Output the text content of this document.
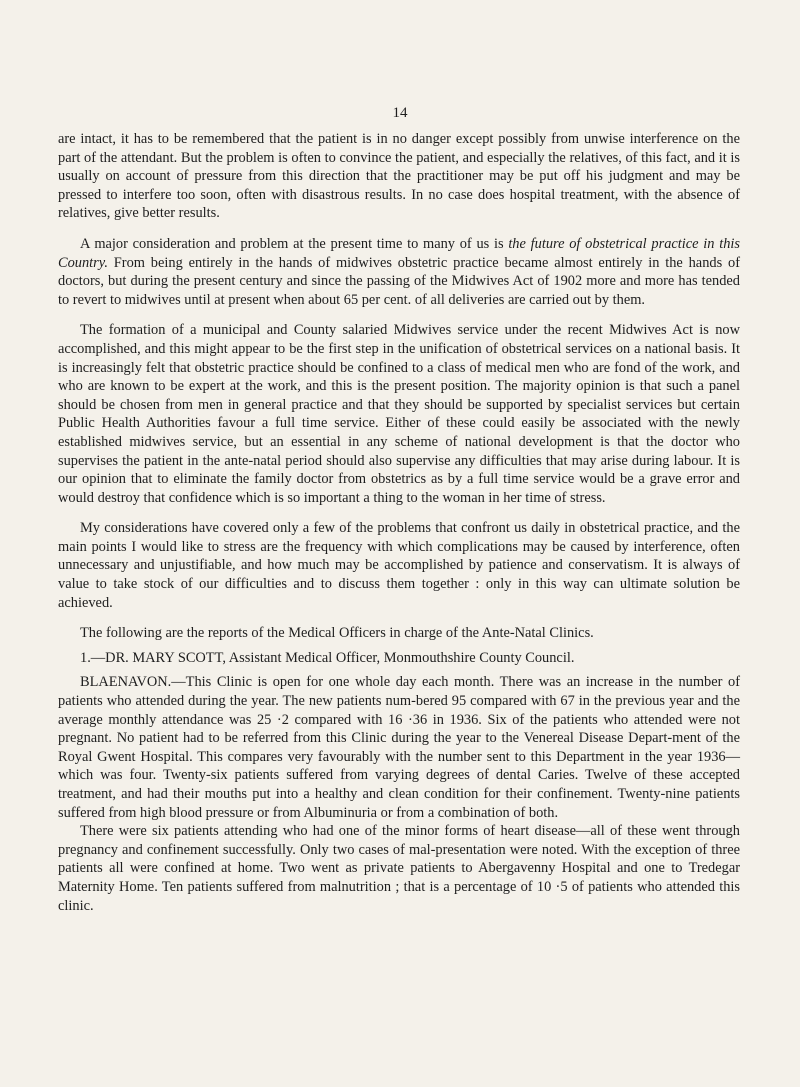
14

are intact, it has to be remembered that the patient is in no danger except possibly from unwise interference on the part of the attendant. But the problem is often to convince the patient, and especially the relatives, of this fact, and it is usually on account of pressure from this direction that the practitioner may be put off his judgment and may be pressed to interfere too soon, often with disastrous results. In no case does hospital treatment, with the absence of relatives, give better results.

A major consideration and problem at the present time to many of us is the future of obstetrical practice in this Country. From being entirely in the hands of midwives obstetric practice became almost entirely in the hands of doctors, but during the present century and since the passing of the Midwives Act of 1902 more and more has tended to revert to midwives until at present when about 65 per cent. of all deliveries are carried out by them.

The formation of a municipal and County salaried Midwives service under the recent Midwives Act is now accomplished, and this might appear to be the first step in the unification of obstetrical services on a national basis. It is increasingly felt that obstetric practice should be confined to a class of medical men who are fond of the work, and who are known to be expert at the work, and this is the present position. The majority opinion is that such a panel should be chosen from men in general practice and that they should be supported by specialist services but certain Public Health Authorities favour a full time service. Either of these could easily be associated with the newly established midwives service, but an essential in any scheme of national development is that the doctor who supervises the patient in the ante-natal period should also supervise any difficulties that may arise during labour. It is our opinion that to eliminate the family doctor from obstetrics as by a full time service would be a grave error and would destroy that confidence which is so important a thing to the woman in her time of stress.

My considerations have covered only a few of the problems that confront us daily in obstetrical practice, and the main points I would like to stress are the frequency with which complications may be caused by interference, often unnecessary and unjustifiable, and how much may be accomplished by patience and conservatism. It is always of value to take stock of our difficulties and to discuss them together : only in this way can ultimate solution be achieved.

The following are the reports of the Medical Officers in charge of the Ante-Natal Clinics.

1.—DR. MARY SCOTT, Assistant Medical Officer, Monmouthshire County Council.

BLAENAVON.—This Clinic is open for one whole day each month. There was an increase in the number of patients who attended during the year. The new patients num-bered 95 compared with 67 in the previous year and the average monthly attendance was 25 ·2 compared with 16 ·36 in 1936. Six of the patients who attended were not pregnant. No patient had to be referred from this Clinic during the year to the Venereal Disease Depart-ment of the Royal Gwent Hospital. This compares very favourably with the number sent to this Department in the year 1936—which was four. Twenty-six patients suffered from varying degrees of dental Caries. Twelve of these accepted treatment, and had their mouths put into a healthy and clean condition for their confinement. Twenty-nine patients suffered from high blood pressure or from Albuminuria or from a combination of both.

There were six patients attending who had one of the minor forms of heart disease—all of these went through pregnancy and confinement successfully. Only two cases of mal-presentation were noted. With the exception of three patients all were confined at home. Two went as private patients to Abergavenny Hospital and one to Tredegar Maternity Home. Ten patients suffered from malnutrition ; that is a percentage of 10 ·5 of patients who attended this clinic.
